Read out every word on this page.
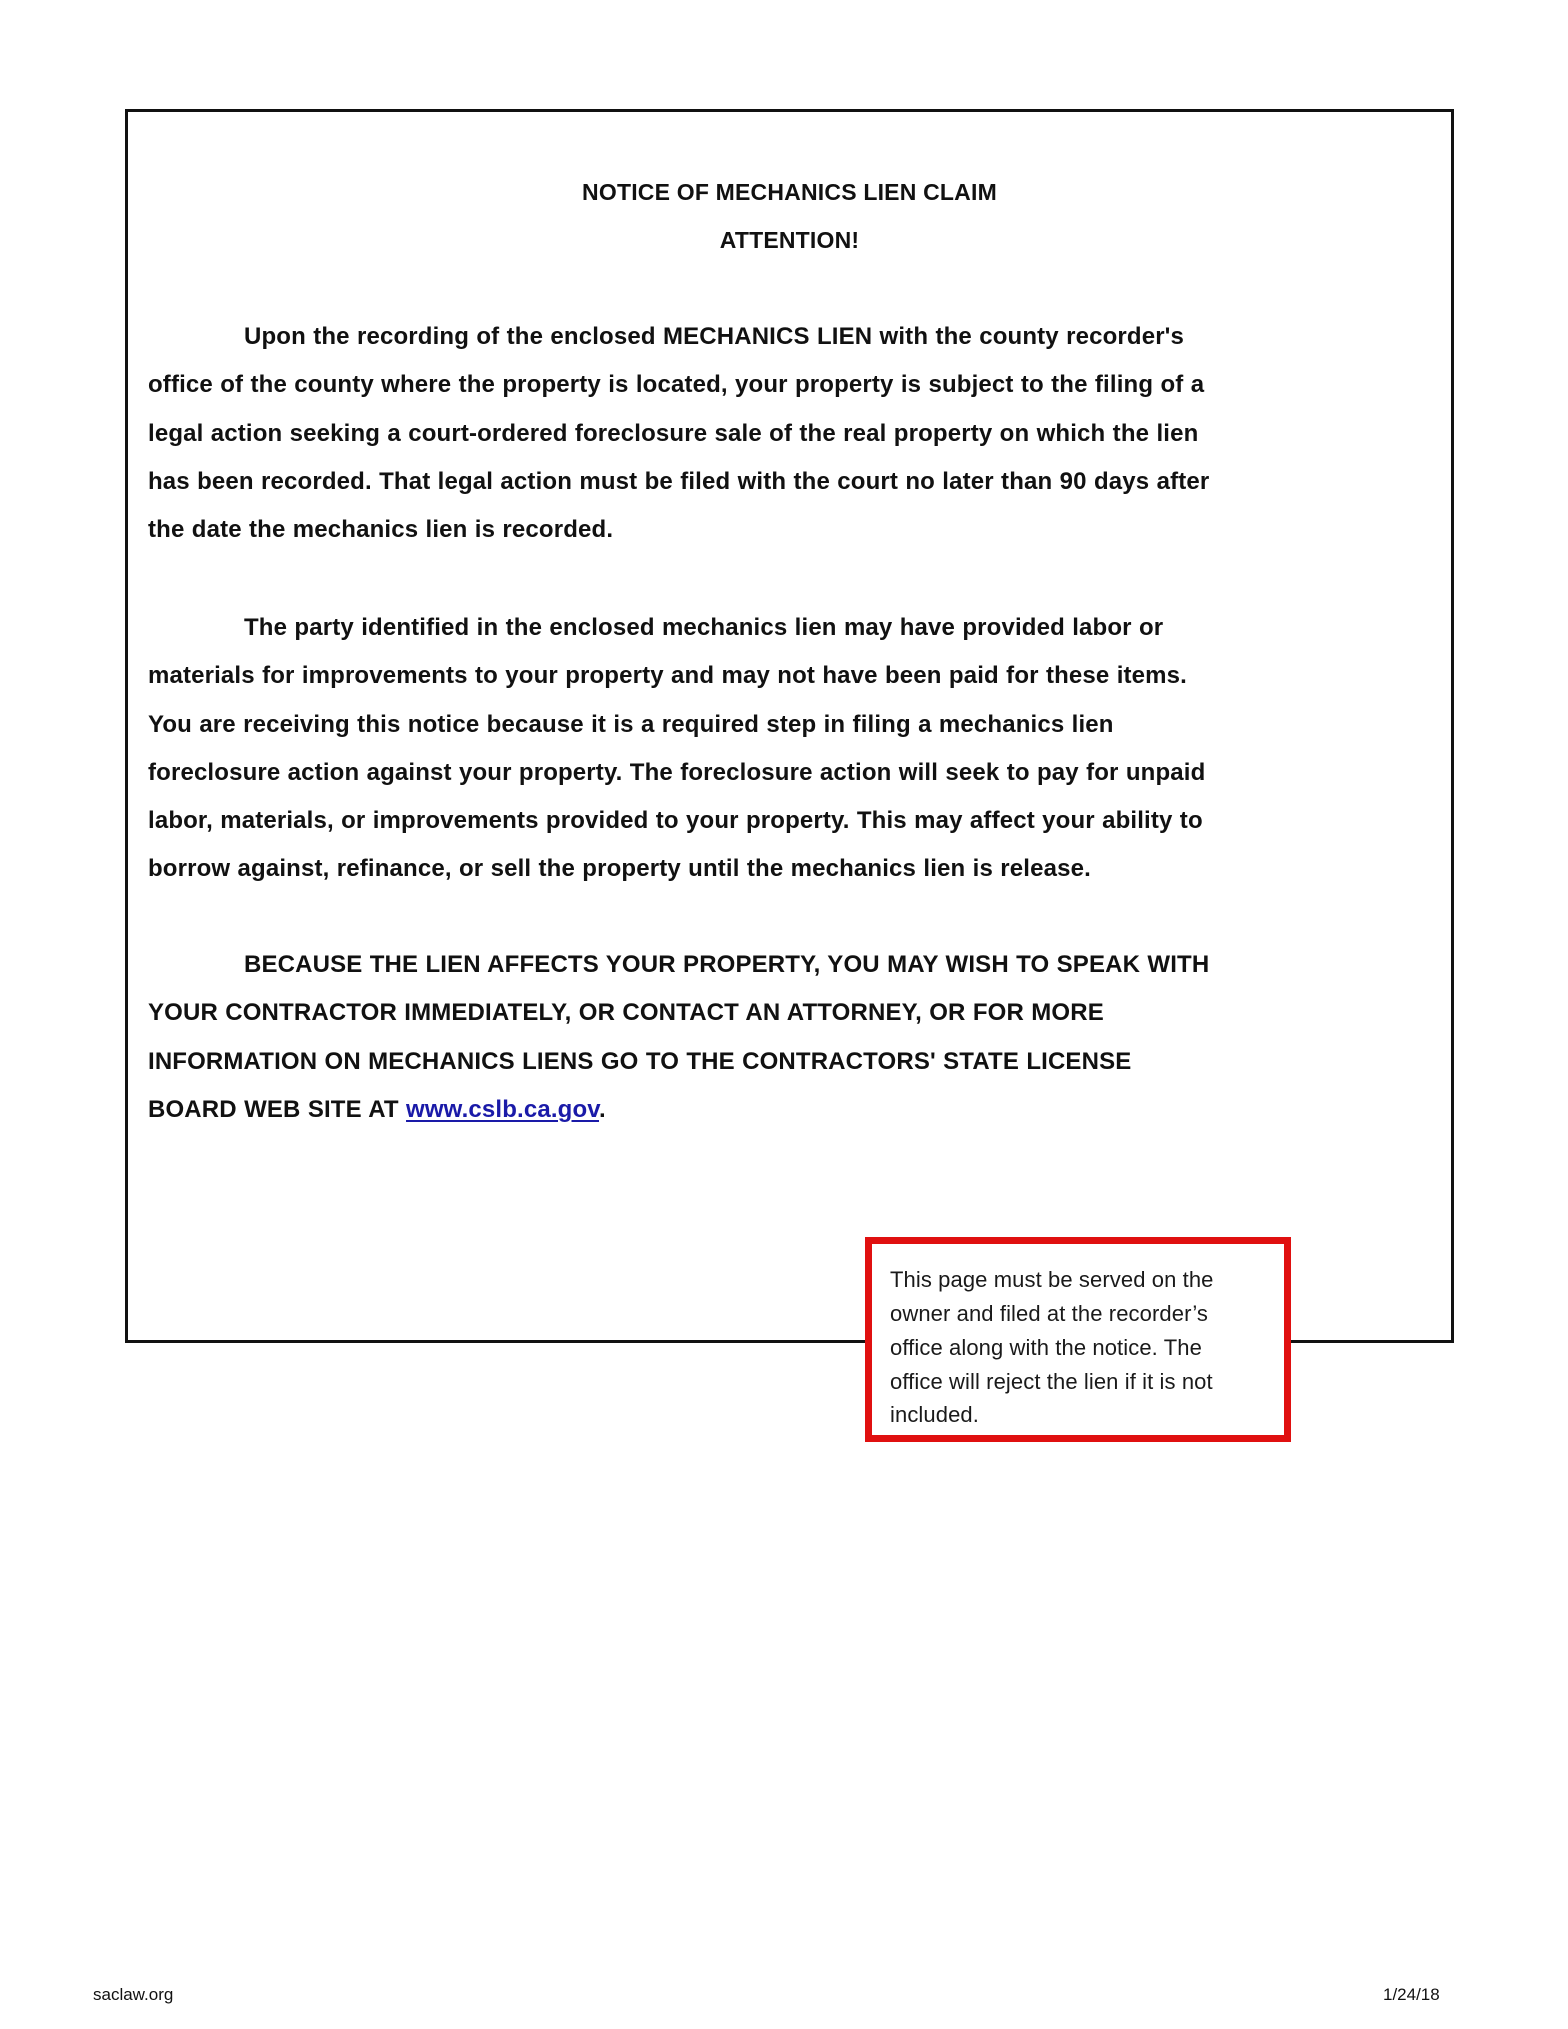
NOTICE OF MECHANICS LIEN CLAIM
ATTENTION!
Upon the recording of the enclosed MECHANICS LIEN with the county recorder's
office of the county where the property is located, your property is subject to the filing of a
legal action seeking a court-ordered foreclosure sale of the real property on which the lien
has been recorded. That legal action must be filed with the court no later than 90 days after
the date the mechanics lien is recorded.
The party identified in the enclosed mechanics lien may have provided labor or
materials for improvements to your property and may not have been paid for these items.
You are receiving this notice because it is a required step in filing a mechanics lien
foreclosure action against your property. The foreclosure action will seek to pay for unpaid
labor, materials, or improvements provided to your property. This may affect your ability to
borrow against, refinance, or sell the property until the mechanics lien is release.
BECAUSE THE LIEN AFFECTS YOUR PROPERTY, YOU MAY WISH TO SPEAK WITH
YOUR CONTRACTOR IMMEDIATELY, OR CONTACT AN ATTORNEY, OR FOR MORE
INFORMATION ON MECHANICS LIENS GO TO THE CONTRACTORS' STATE LICENSE
BOARD WEB SITE AT www.cslb.ca.gov.
This page must be served on the
owner and filed at the recorder’s
office along with the notice. The
office will reject the lien if it is not
included.
saclaw.org	1/24/18
